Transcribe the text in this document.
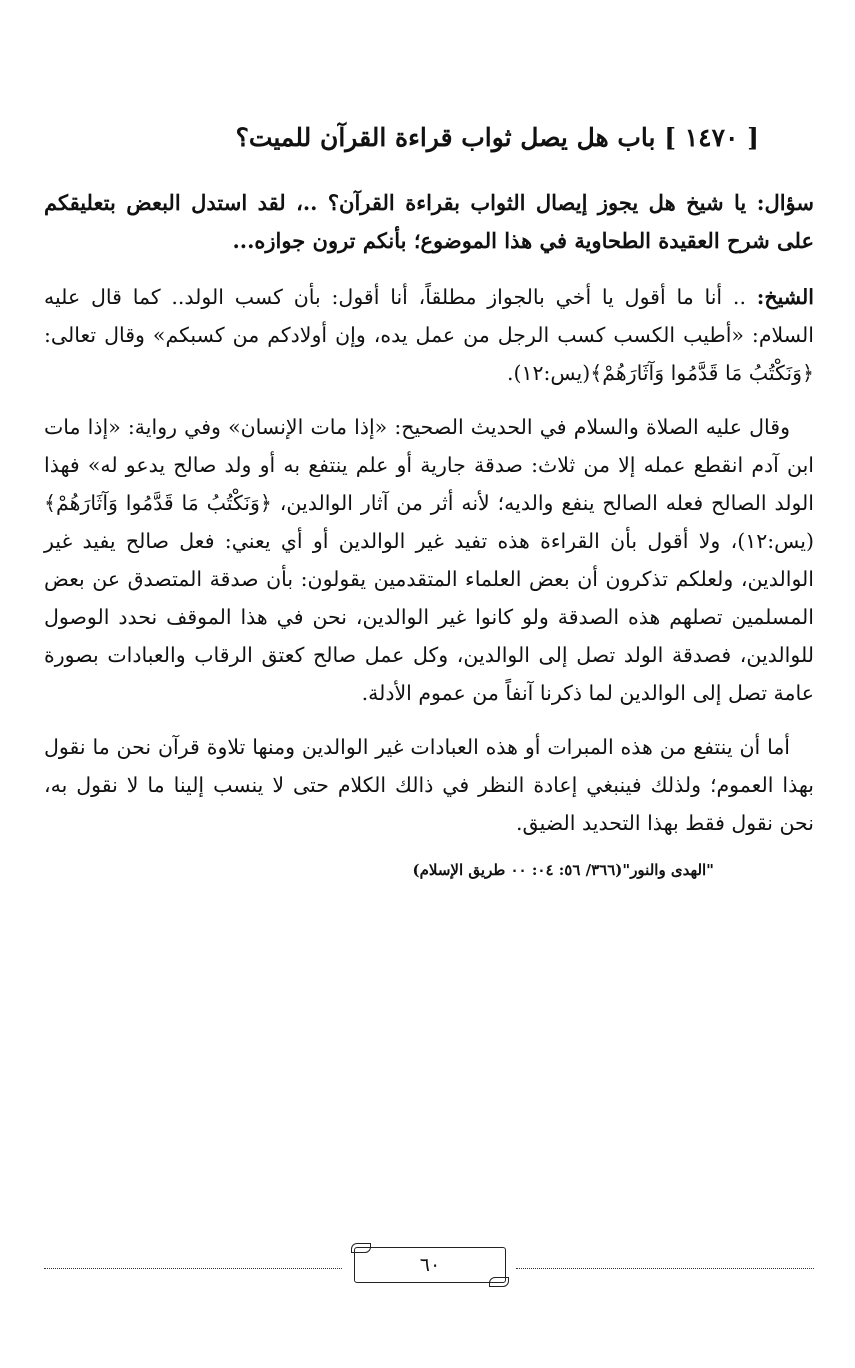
[ ١٤٧٠ ] باب هل يصل ثواب قراءة القرآن للميت؟

سؤال: يا شيخ هل يجوز إيصال الثواب بقراءة القرآن؟ ..، لقد استدل البعض بتعليقكم على شرح العقيدة الطحاوية في هذا الموضوع؛ بأنكم ترون جوازه...

الشيخ: .. أنا ما أقول يا أخي بالجواز مطلقاً، أنا أقول: بأن كسب الولد.. كما قال عليه السلام: «أطيب الكسب كسب الرجل من عمل يده، وإن أولادكم من كسبكم» وقال تعالى: ﴿وَنَكْتُبُ مَا قَدَّمُوا وَآثَارَهُمْ﴾(يس:١٢).

وقال عليه الصلاة والسلام في الحديث الصحيح: «إذا مات الإنسان» وفي رواية: «إذا مات ابن آدم انقطع عمله إلا من ثلاث: صدقة جارية أو علم ينتفع به أو ولد صالح يدعو له» فهذا الولد الصالح فعله الصالح ينفع والديه؛ لأنه أثر من آثار الوالدين، ﴿وَنَكْتُبُ مَا قَدَّمُوا وَآثَارَهُمْ﴾(يس:١٢)، ولا أقول بأن القراءة هذه تفيد غير الوالدين أو أي يعني: فعل صالح يفيد غير الوالدين، ولعلكم تذكرون أن بعض العلماء المتقدمين يقولون: بأن صدقة المتصدق عن بعض المسلمين تصلهم هذه الصدقة ولو كانوا غير الوالدين، نحن في هذا الموقف نحدد الوصول للوالدين، فصدقة الولد تصل إلى الوالدين، وكل عمل صالح كعتق الرقاب والعبادات بصورة عامة تصل إلى الوالدين لما ذكرنا آنفاً من عموم الأدلة.

أما أن ينتفع من هذه المبرات أو هذه العبادات غير الوالدين ومنها تلاوة قرآن نحن ما نقول بهذا العموم؛ ولذلك فينبغي إعادة النظر في ذالك الكلام حتى لا ينسب إلينا ما لا نقول به، نحن نقول فقط بهذا التحديد الضيق.

"الهدى والنور"(٣٦٦/ ٥٦: ٠٤: ٠٠ طريق الإسلام)
٦٠
